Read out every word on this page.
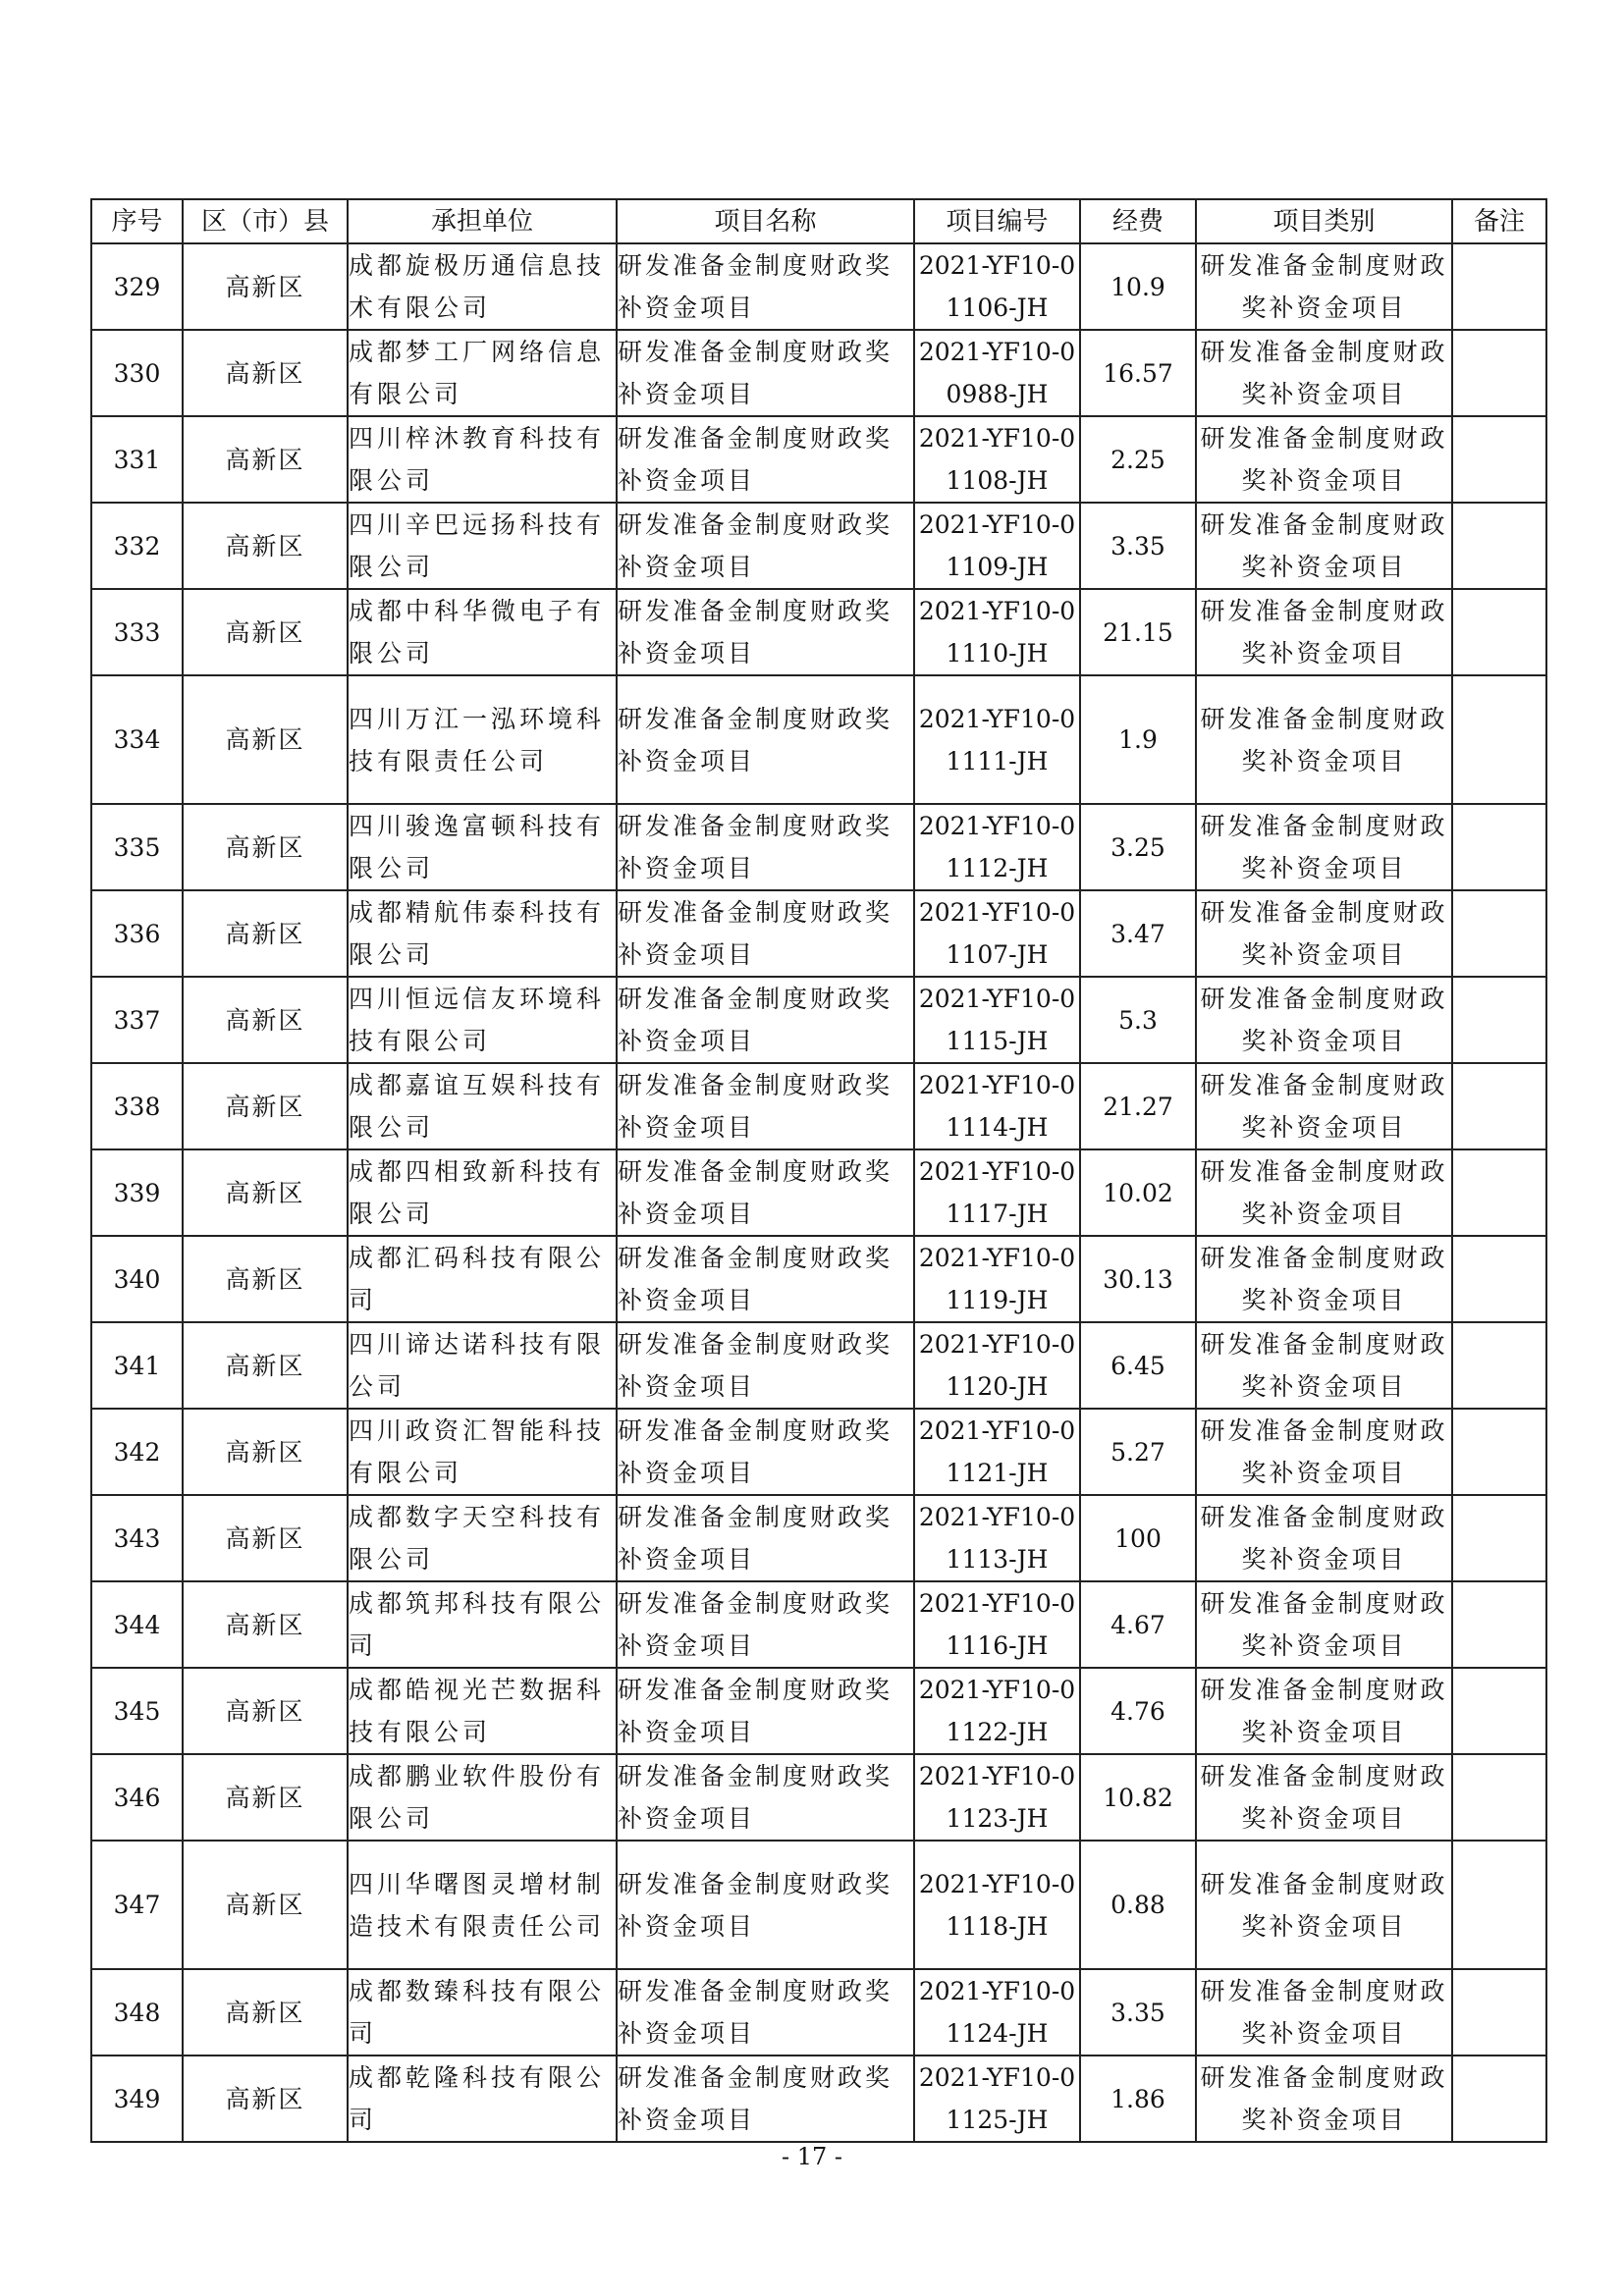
序号	区（市）县	承担单位	项目名称	项目编号	经费	项目类别	备注
329	高新区	成都旋极历通信息技术有限公司	研发准备金制度财政奖补资金项目	2021-YF10-01106-JH	10.9	研发准备金制度财政奖补资金项目	
330	高新区	成都梦工厂网络信息有限公司	研发准备金制度财政奖补资金项目	2021-YF10-00988-JH	16.57	研发准备金制度财政奖补资金项目	
331	高新区	四川梓沐教育科技有限公司	研发准备金制度财政奖补资金项目	2021-YF10-01108-JH	2.25	研发准备金制度财政奖补资金项目	
332	高新区	四川辛巴远扬科技有限公司	研发准备金制度财政奖补资金项目	2021-YF10-01109-JH	3.35	研发准备金制度财政奖补资金项目	
333	高新区	成都中科华微电子有限公司	研发准备金制度财政奖补资金项目	2021-YF10-01110-JH	21.15	研发准备金制度财政奖补资金项目	
334	高新区	四川万江一泓环境科技有限责任公司	研发准备金制度财政奖补资金项目	2021-YF10-01111-JH	1.9	研发准备金制度财政奖补资金项目	
335	高新区	四川骏逸富顿科技有限公司	研发准备金制度财政奖补资金项目	2021-YF10-01112-JH	3.25	研发准备金制度财政奖补资金项目	
336	高新区	成都精航伟泰科技有限公司	研发准备金制度财政奖补资金项目	2021-YF10-01107-JH	3.47	研发准备金制度财政奖补资金项目	
337	高新区	四川恒远信友环境科技有限公司	研发准备金制度财政奖补资金项目	2021-YF10-01115-JH	5.3	研发准备金制度财政奖补资金项目	
338	高新区	成都嘉谊互娱科技有限公司	研发准备金制度财政奖补资金项目	2021-YF10-01114-JH	21.27	研发准备金制度财政奖补资金项目	
339	高新区	成都四相致新科技有限公司	研发准备金制度财政奖补资金项目	2021-YF10-01117-JH	10.02	研发准备金制度财政奖补资金项目	
340	高新区	成都汇码科技有限公司	研发准备金制度财政奖补资金项目	2021-YF10-01119-JH	30.13	研发准备金制度财政奖补资金项目	
341	高新区	四川谛达诺科技有限公司	研发准备金制度财政奖补资金项目	2021-YF10-01120-JH	6.45	研发准备金制度财政奖补资金项目	
342	高新区	四川政资汇智能科技有限公司	研发准备金制度财政奖补资金项目	2021-YF10-01121-JH	5.27	研发准备金制度财政奖补资金项目	
343	高新区	成都数字天空科技有限公司	研发准备金制度财政奖补资金项目	2021-YF10-01113-JH	100	研发准备金制度财政奖补资金项目	
344	高新区	成都筑邦科技有限公司	研发准备金制度财政奖补资金项目	2021-YF10-01116-JH	4.67	研发准备金制度财政奖补资金项目	
345	高新区	成都皓视光芒数据科技有限公司	研发准备金制度财政奖补资金项目	2021-YF10-01122-JH	4.76	研发准备金制度财政奖补资金项目	
346	高新区	成都鹏业软件股份有限公司	研发准备金制度财政奖补资金项目	2021-YF10-01123-JH	10.82	研发准备金制度财政奖补资金项目	
347	高新区	四川华曙图灵增材制造技术有限责任公司	研发准备金制度财政奖补资金项目	2021-YF10-01118-JH	0.88	研发准备金制度财政奖补资金项目	
348	高新区	成都数臻科技有限公司	研发准备金制度财政奖补资金项目	2021-YF10-01124-JH	3.35	研发准备金制度财政奖补资金项目	
349	高新区	成都乾隆科技有限公司	研发准备金制度财政奖补资金项目	2021-YF10-01125-JH	1.86	研发准备金制度财政奖补资金项目	
- 17 -
